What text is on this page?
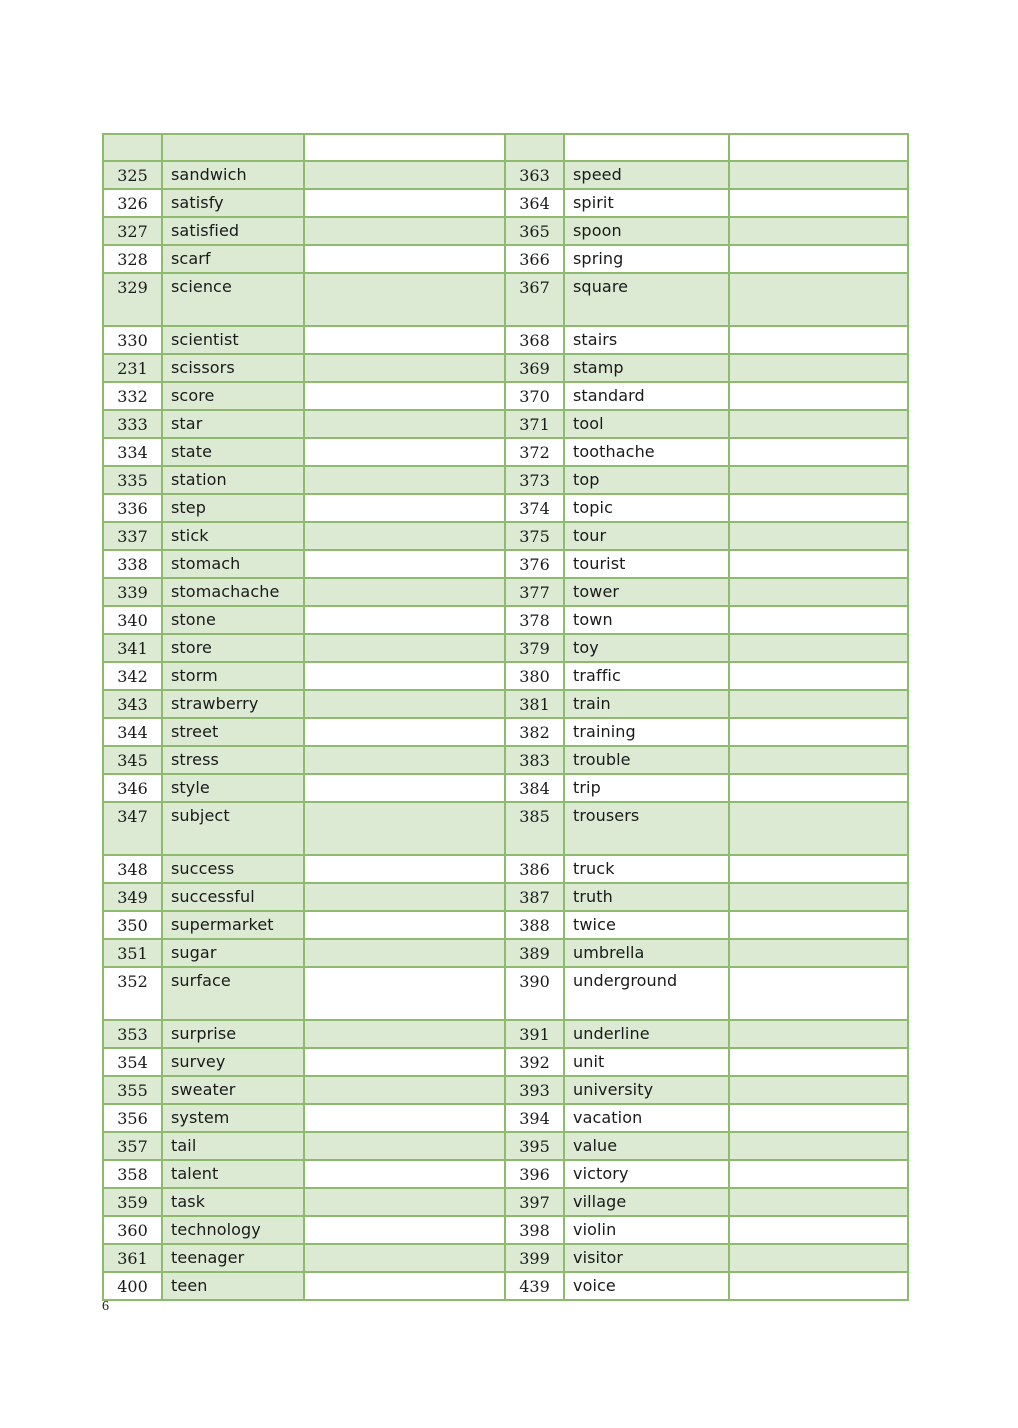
325	sandwich		363	speed	
326	satisfy		364	spirit	
327	satisfied		365	spoon	
328	scarf		366	spring	
329	science		367	square	
330	scientist		368	stairs	
231	scissors		369	stamp	
332	score		370	standard	
333	star		371	tool	
334	state		372	toothache	
335	station		373	top	
336	step		374	topic	
337	stick		375	tour	
338	stomach		376	tourist	
339	stomachache		377	tower	
340	stone		378	town	
341	store		379	toy	
342	storm		380	traffic	
343	strawberry		381	train	
344	street		382	training	
345	stress		383	trouble	
346	style		384	trip	
347	subject		385	trousers	
348	success		386	truck	
349	successful		387	truth	
350	supermarket		388	twice	
351	sugar		389	umbrella	
352	surface		390	underground	
353	surprise		391	underline	
354	survey		392	unit	
355	sweater		393	university	
356	system		394	vacation	
357	tail		395	value	
358	talent		396	victory	
359	task		397	village	
360	technology		398	violin	
361	teenager		399	visitor	
400	teen		439	voice	
6
